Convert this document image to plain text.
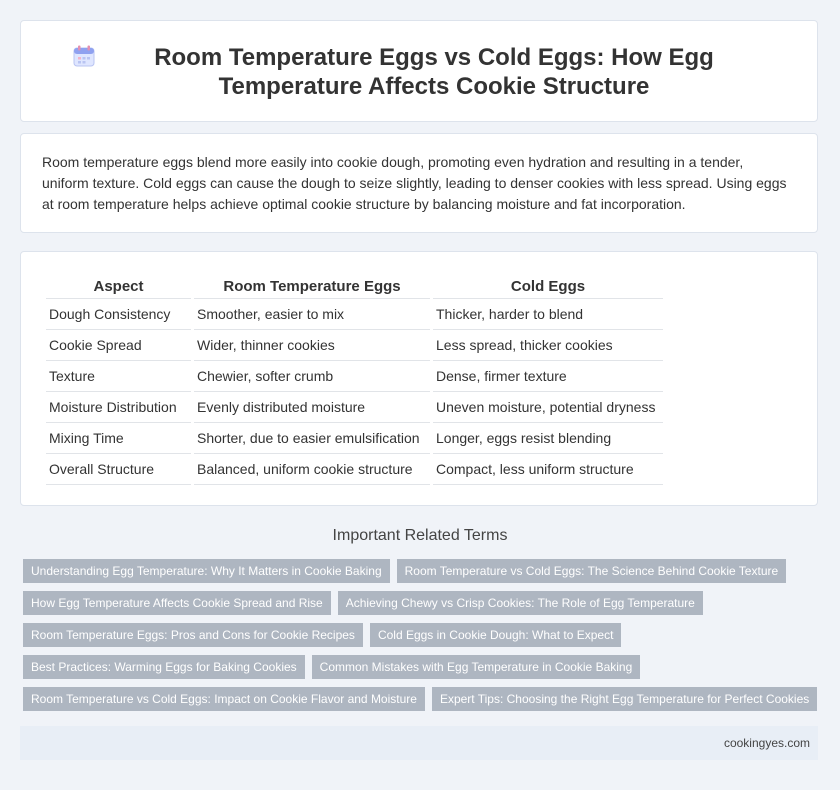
Room Temperature Eggs vs Cold Eggs: How Egg Temperature Affects Cookie Structure

Room temperature eggs blend more easily into cookie dough, promoting even hydration and resulting in a tender, uniform texture. Cold eggs can cause the dough to seize slightly, leading to denser cookies with less spread. Using eggs at room temperature helps achieve optimal cookie structure by balancing moisture and fat incorporation.

Aspect	Room Temperature Eggs	Cold Eggs
Dough Consistency	Smoother, easier to mix	Thicker, harder to blend
Cookie Spread	Wider, thinner cookies	Less spread, thicker cookies
Texture	Chewier, softer crumb	Dense, firmer texture
Moisture Distribution	Evenly distributed moisture	Uneven moisture, potential dryness
Mixing Time	Shorter, due to easier emulsification	Longer, eggs resist blending
Overall Structure	Balanced, uniform cookie structure	Compact, less uniform structure
Important Related Terms
Understanding Egg Temperature: Why It Matters in Cookie Baking	Room Temperature vs Cold Eggs: The Science Behind Cookie Texture
How Egg Temperature Affects Cookie Spread and Rise	Achieving Chewy vs Crisp Cookies: The Role of Egg Temperature
Room Temperature Eggs: Pros and Cons for Cookie Recipes	Cold Eggs in Cookie Dough: What to Expect
Best Practices: Warming Eggs for Baking Cookies	Common Mistakes with Egg Temperature in Cookie Baking
Room Temperature vs Cold Eggs: Impact on Cookie Flavor and Moisture	Expert Tips: Choosing the Right Egg Temperature for Perfect Cookies
cookingyes.com
